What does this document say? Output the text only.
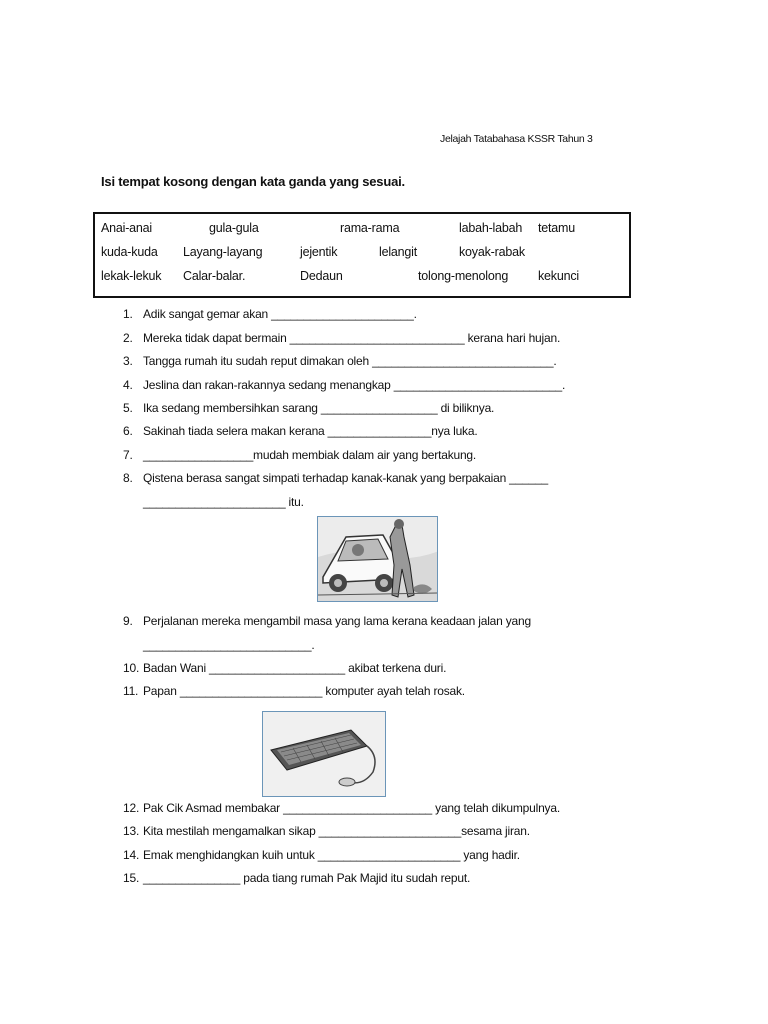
Jelajah Tatabahasa KSSR Tahun 3
Isi tempat kosong dengan kata ganda yang sesuai.
Anai-anai	gula-gula	rama-rama	labah-labah tetamu
kuda-kuda Layang-layang	jejentik	lelangit	koyak-rabak
lekak-lekuk Calar-balar.	Dedaun	tolong-menolong kekunci
1. Adik sangat gemar akan ______________________.
2. Mereka tidak dapat bermain ___________________________ kerana hari hujan.
3. Tangga rumah itu sudah reput dimakan oleh ____________________________.
4. Jeslina dan rakan-rakannya sedang menangkap __________________________.
5. Ika sedang membersihkan sarang __________________ di biliknya.
6. Sakinah tiada selera makan kerana ________________nya luka.
7. _________________mudah membiak dalam air yang bertakung.
8. Qistena berasa sangat simpati terhadap kanak-kanak yang berpakaian ______
______________________ itu.
9. Perjalanan mereka mengambil masa yang lama kerana keadaan jalan yang
__________________________.
10. Badan Wani _____________________ akibat terkena duri.
11. Papan ______________________ komputer ayah telah rosak.
12. Pak Cik Asmad membakar _______________________ yang telah dikumpulnya.
13. Kita mestilah mengamalkan sikap ______________________sesama jiran.
14. Emak menghidangkan kuih untuk ______________________ yang hadir.
15. _______________ pada tiang rumah Pak Majid itu sudah reput.
